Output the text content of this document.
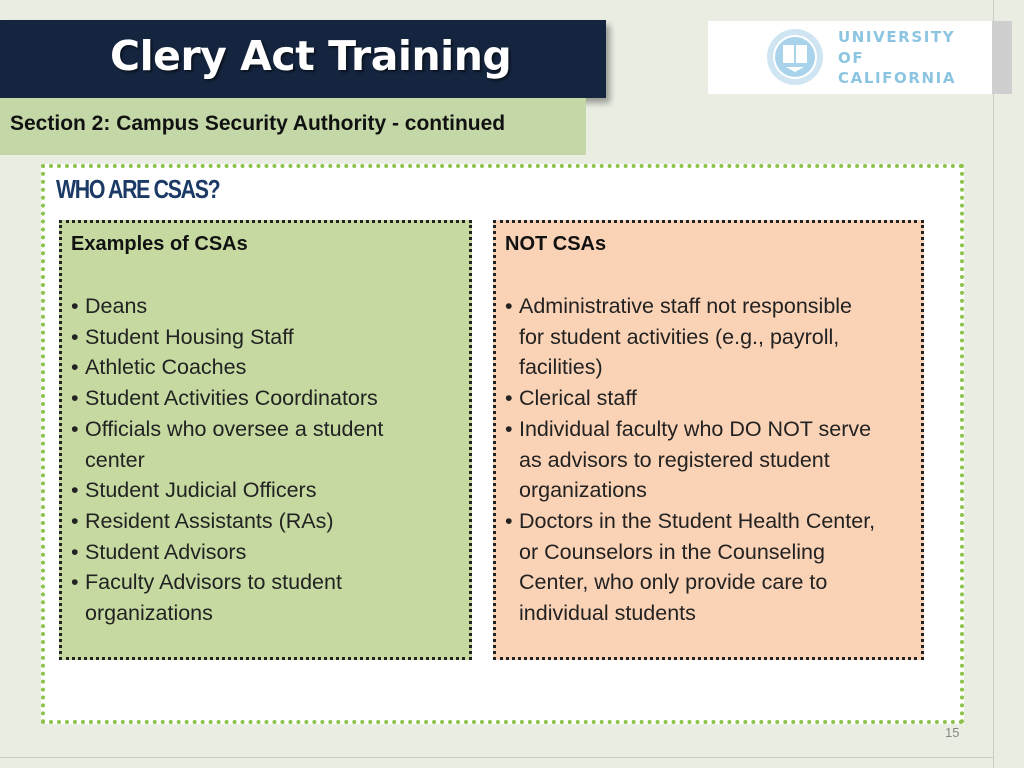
Clery Act Training
Section 2: Campus Security Authority - continued
UNIVERSITY
OF
CALIFORNIA
WHO ARE CSAS?
Examples of CSAs
• Deans
• Student Housing Staff
• Athletic Coaches
• Student Activities Coordinators
• Officials who oversee a student
center
• Student Judicial Officers
• Resident Assistants (RAs)
• Student Advisors
• Faculty Advisors to student
organizations
NOT CSAs
• Administrative staff not responsible
for student activities (e.g., payroll,
facilities)
• Clerical staff
• Individual faculty who DO NOT serve
as advisors to registered student
organizations
• Doctors in the Student Health Center,
or Counselors in the Counseling
Center, who only provide care to
individual students
15
